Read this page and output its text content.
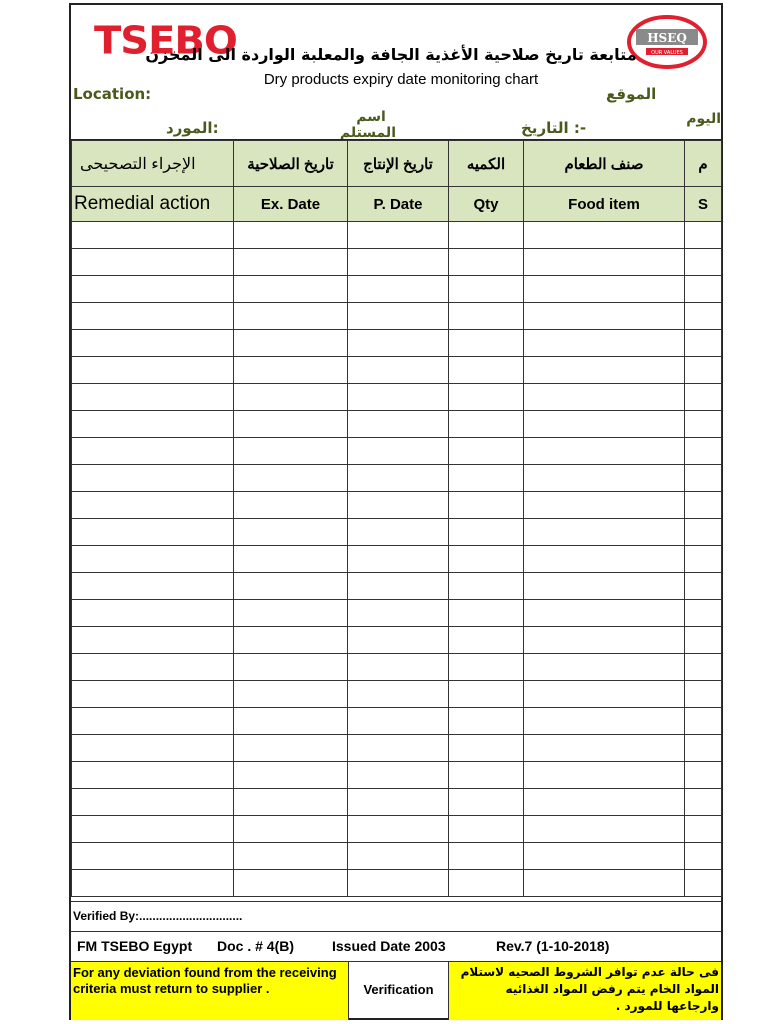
TSEBO	HSEQ
OUR VALUES
متابعة تاريخ صلاحية الأغذية الجافة والمعلبة الواردة الى المخزن
Dry products expiry date monitoring chart
Location:	الموقع
:المورد
اسم المستلم	-: التاريخ	اليوم
الإجراء التصحيحى	تاريخ الصلاحية	تاريخ الإنتاج	الكميه	صنف الطعام	م
Remedial action	Ex. Date	P. Date	Qty	Food item	S

Verified By:...............................
FM TSEBO Egypt Doc . # 4(B)	Issued Date 2003	Rev.7 (1-10-2018)
For any deviation found from the receiving criteria must return to supplier .	Verification
فى حالة عدم توافر الشروط الصحيه لاستلام المواد الخام يتم رفض المواد الغذائيه وارجاعها للمورد .
